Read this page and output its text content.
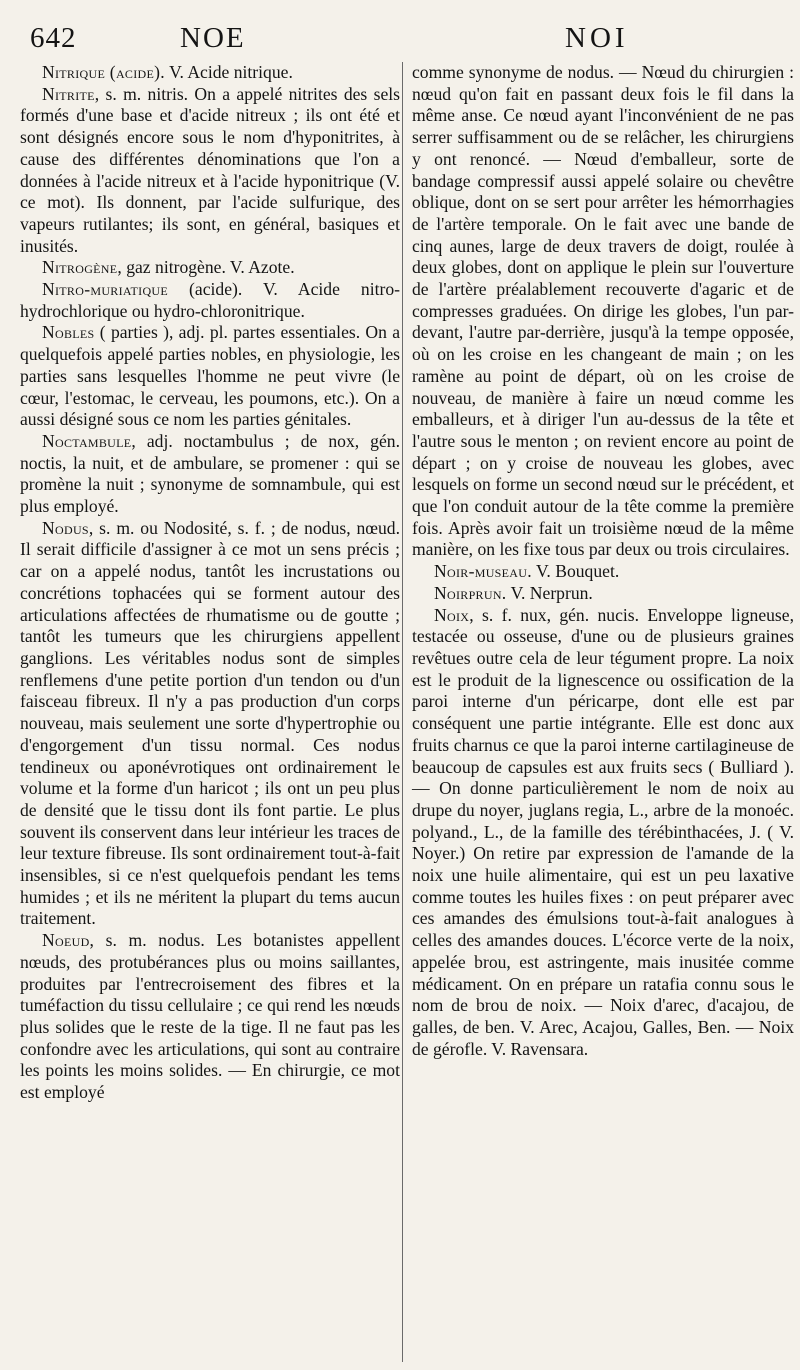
642	NOE	NOI

Nitrique (acide). V. Acide nitrique.

Nitrite, s. m. nitris. On a appelé nitrites des sels formés d'une base et d'acide nitreux ; ils ont été et sont désignés encore sous le nom d'hyponitrites, à cause des différentes dénominations que l'on a données à l'acide nitreux et à l'acide hyponitrique (V. ce mot). Ils donnent, par l'acide sulfurique, des vapeurs rutilantes; ils sont, en général, basiques et inusités.

Nitrogène, gaz nitrogène. V. Azote.

Nitro-muriatique (acide). V. Acide nitro-hydrochlorique ou hydro-chloronitrique.

Nobles ( parties ), adj. pl. partes essentiales. On a quelquefois appelé parties nobles, en physiologie, les parties sans lesquelles l'homme ne peut vivre (le cœur, l'estomac, le cerveau, les poumons, etc.). On a aussi désigné sous ce nom les parties génitales.

Noctambule, adj. noctambulus ; de nox, gén. noctis, la nuit, et de ambulare, se promener : qui se promène la nuit ; synonyme de somnambule, qui est plus employé.

Nodus, s. m. ou Nodosité, s. f. ; de nodus, nœud. Il serait difficile d'assigner à ce mot un sens précis ; car on a appelé nodus, tantôt les incrustations ou concrétions tophacées qui se forment autour des articulations affectées de rhumatisme ou de goutte ; tantôt les tumeurs que les chirurgiens appellent ganglions. Les véritables nodus sont de simples renflemens d'une petite portion d'un tendon ou d'un faisceau fibreux. Il n'y a pas production d'un corps nouveau, mais seulement une sorte d'hypertrophie ou d'engorgement d'un tissu normal. Ces nodus tendineux ou aponévrotiques ont ordinairement le volume et la forme d'un haricot ; ils ont un peu plus de densité que le tissu dont ils font partie. Le plus souvent ils conservent dans leur intérieur les traces de leur texture fibreuse. Ils sont ordinairement tout-à-fait insensibles, si ce n'est quelquefois pendant les tems humides ; et ils ne méritent la plupart du tems aucun traitement.

Noeud, s. m. nodus. Les botanistes appellent nœuds, des protubérances plus ou moins saillantes, produites par l'entrecroisement des fibres et la tuméfaction du tissu cellulaire ; ce qui rend les nœuds plus solides que le reste de la tige. Il ne faut pas les confondre avec les articulations, qui sont au contraire les points les moins solides. — En chirurgie, ce mot est employé

comme synonyme de nodus. — Nœud du chirurgien : nœud qu'on fait en passant deux fois le fil dans la même anse. Ce nœud ayant l'inconvénient de ne pas serrer suffisamment ou de se relâcher, les chirurgiens y ont renoncé. — Nœud d'emballeur, sorte de bandage compressif aussi appelé solaire ou chevêtre oblique, dont on se sert pour arrêter les hémorrhagies de l'artère temporale. On le fait avec une bande de cinq aunes, large de deux travers de doigt, roulée à deux globes, dont on applique le plein sur l'ouverture de l'artère préalablement recouverte d'agaric et de compresses graduées. On dirige les globes, l'un par-devant, l'autre par-derrière, jusqu'à la tempe opposée, où on les croise en les changeant de main ; on les ramène au point de départ, où on les croise de nouveau, de manière à faire un nœud comme les emballeurs, et à diriger l'un au-dessus de la tête et l'autre sous le menton ; on revient encore au point de départ ; on y croise de nouveau les globes, avec lesquels on forme un second nœud sur le précédent, et que l'on conduit autour de la tête comme la première fois. Après avoir fait un troisième nœud de la même manière, on les fixe tous par deux ou trois circulaires.

Noir-museau. V. Bouquet.

Noirprun. V. Nerprun.

Noix, s. f. nux, gén. nucis. Enveloppe ligneuse, testacée ou osseuse, d'une ou de plusieurs graines revêtues outre cela de leur tégument propre. La noix est le produit de la lignescence ou ossification de la paroi interne d'un péricarpe, dont elle est par conséquent une partie intégrante. Elle est donc aux fruits charnus ce que la paroi interne cartilagineuse de beaucoup de capsules est aux fruits secs ( Bulliard ). — On donne particulièrement le nom de noix au drupe du noyer, juglans regia, L., arbre de la monoéc. polyand., L., de la famille des térébinthacées, J. ( V. Noyer.) On retire par expression de l'amande de la noix une huile alimentaire, qui est un peu laxative comme toutes les huiles fixes : on peut préparer avec ces amandes des émulsions tout-à-fait analogues à celles des amandes douces. L'écorce verte de la noix, appelée brou, est astringente, mais inusitée comme médicament. On en prépare un ratafia connu sous le nom de brou de noix. — Noix d'arec, d'acajou, de galles, de ben. V. Arec, Acajou, Galles, Ben. — Noix de gérofle. V. Ravensara.
